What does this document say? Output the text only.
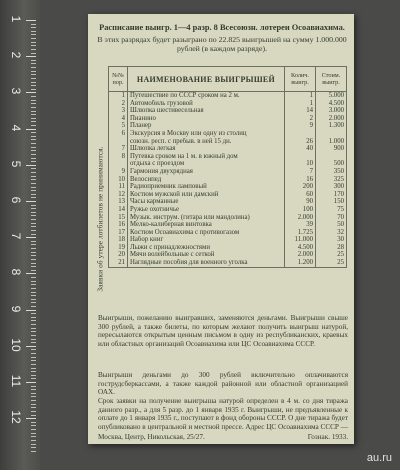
1
2
3
4
5
6
7
8
9
10
11
12
Расписание выигр. 1—4 разр. 8 Всесоюзн. лотереи Осоавиахима.
В этих разрядах будет разыграно по 22.825 выигрышей на сумму 1.000.000 рублей (в каждом разряде).
Заявки об утере лотбилетов не принимаются.
№№ пор.	НАИМЕНОВАНИЕ ВЫИГРЫШЕЙ	Колич. выигр.	Стоим. выигр.
1	Путешествие по СССР сроком на 2 м.	1	5.000
2	Автомобиль грузовой	1	4.500
3	Шлюпка шестивесельная	14	3.000
4	Пианино	2	2.000
5	Планер	9	1.300
6	Экскурсия в Москву или одну из столиц		
	союзн. респ. с пребыв. в ней 15 дн.	26	1.000
7	Шлюпка легкая	40	900
8	Путевка сроком на 1 м. в южный дом		
	отдыха с проездом	10	500
9	Гармония двухрядная	7	350
10	Велосипед	16	325
11	Радиоприемник ламповый	200	300
12	Костюм мужской или дамский	60	170
13	Часы карманные	90	150
14	Ружье охотничье	100	75
15	Музык. инструм. (гитара или мандолина)	2.000	70
16	Мелко-калиберная винтовка	39	50
17	Костюм Осоавиахима с противогазом	1.725	32
18	Набор книг	11.000	30
19	Лыжи с принадлежностями	4.500	28
20	Мячи волейбольные с сеткой	2.000	25
21	Наглядные пособия для военного уголка	1.200	25
Выигрыши, пожеланию выигравших, заменяются деньгами. Выигрыши свыше 300 рублей, а также билеты, по которым желают получить выигрыш натурой, пересылаются открытым ценным письмом в одну из республиканских, краевых или областных организаций Осоавиахима или ЦС Осоавиахима СССР.
Выигрыши деньгами до 300 рублей включительно оплачиваются гострудсберкассами, а также каждой районной или областной организацией ОАХ.
Срок заявки на получение выигрыша натурой определен в 4 м. со дня тиража данного разр., а для 5 разр. до 1 января 1935 г. Выигрыши, не предъявленные к оплате до 1 января 1935 г., поступают в фонд обороны СССР. О дне тиража будет опубликовано в центральной и местной прессе. Адрес ЦС Осоавиахима СССР —
Москва, Центр, Никольская, 25/27.	Гознак. 1933.
au.ru
